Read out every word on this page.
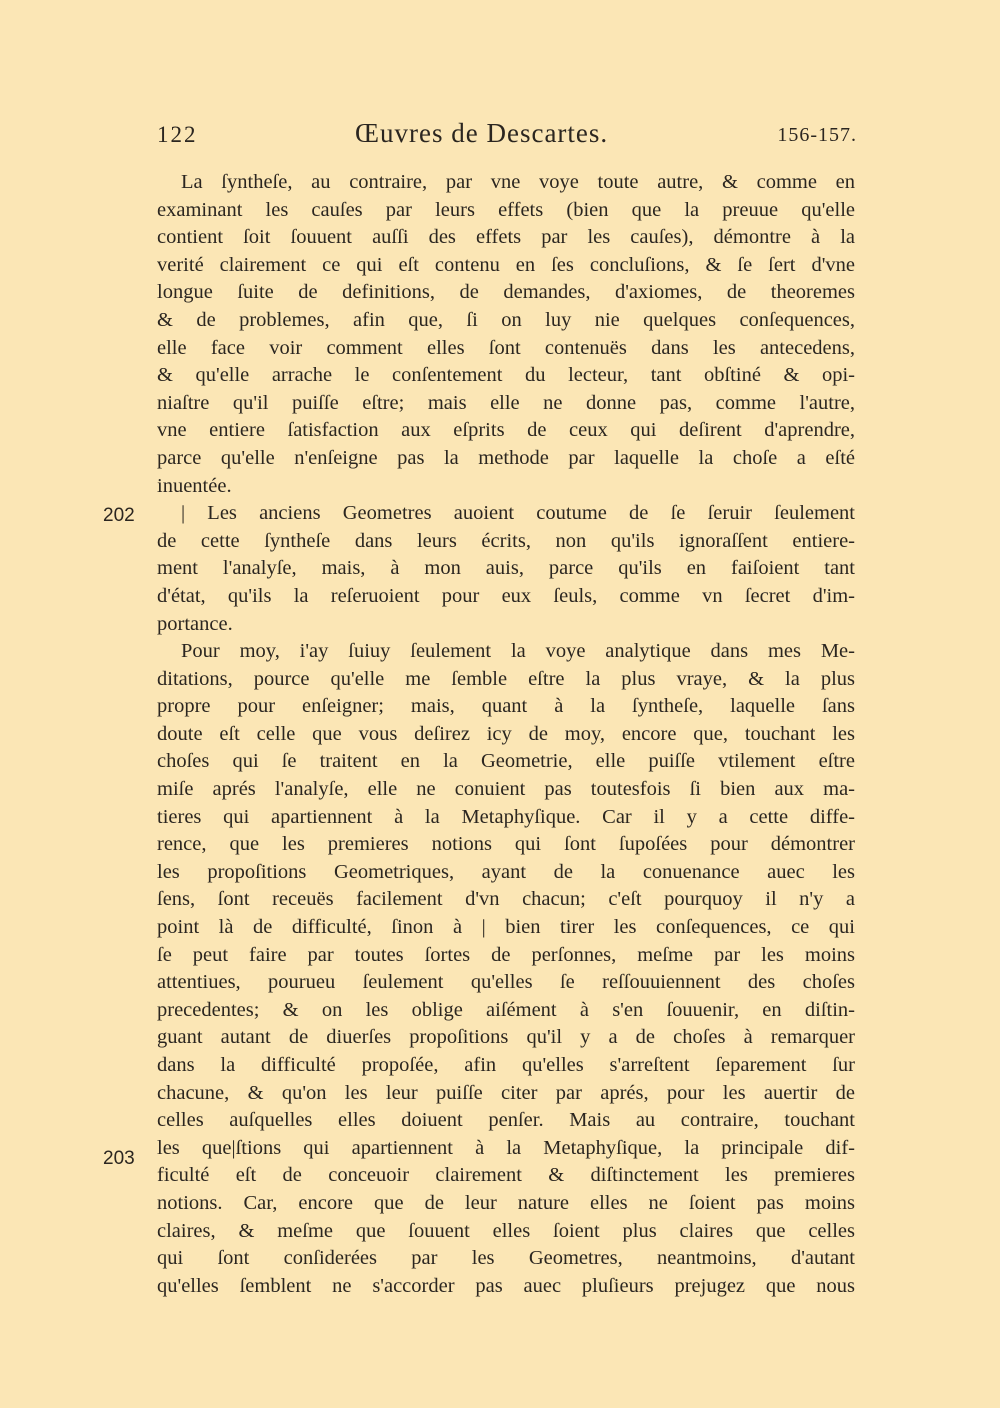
122	Œuvres de Descartes.	156-157.
202
203
La ſyntheſe, au contraire, par vne voye toute autre, & comme en
examinant les cauſes par leurs effets (bien que la preuue qu'elle
contient ſoit ſouuent auſſi des effets par les cauſes), démontre à la
verité clairement ce qui eſt contenu en ſes concluſions, & ſe ſert d'vne
longue ſuite de definitions, de demandes, d'axiomes, de theoremes
& de problemes, afin que, ſi on luy nie quelques conſequences,
elle face voir comment elles ſont contenuës dans les antecedens,
& qu'elle arrache le conſentement du lecteur, tant obſtiné & opi-
niaſtre qu'il puiſſe eſtre; mais elle ne donne pas, comme l'autre,
vne entiere ſatisfaction aux eſprits de ceux qui deſirent d'aprendre,
parce qu'elle n'enſeigne pas la methode par laquelle la choſe a eſté
inuentée.
| Les anciens Geometres auoient coutume de ſe ſeruir ſeulement
de cette ſyntheſe dans leurs écrits, non qu'ils ignoraſſent entiere-
ment l'analyſe, mais, à mon auis, parce qu'ils en faiſoient tant
d'état, qu'ils la reſeruoient pour eux ſeuls, comme vn ſecret d'im-
portance.
Pour moy, i'ay ſuiuy ſeulement la voye analytique dans mes Me-
ditations, pource qu'elle me ſemble eſtre la plus vraye, & la plus
propre pour enſeigner; mais, quant à la ſyntheſe, laquelle ſans
doute eſt celle que vous deſirez icy de moy, encore que, touchant les
choſes qui ſe traitent en la Geometrie, elle puiſſe vtilement eſtre
miſe aprés l'analyſe, elle ne conuient pas toutesfois ſi bien aux ma-
tieres qui apartiennent à la Metaphyſique. Car il y a cette diffe-
rence, que les premieres notions qui ſont ſupoſées pour démontrer
les propoſitions Geometriques, ayant de la conuenance auec les
ſens, ſont receuës facilement d'vn chacun; c'eſt pourquoy il n'y a
point là de difficulté, ſinon à | bien tirer les conſequences, ce qui
ſe peut faire par toutes ſortes de perſonnes, meſme par les moins
attentiues, pourueu ſeulement qu'elles ſe reſſouuiennent des choſes
precedentes; & on les oblige aiſément à s'en ſouuenir, en diſtin-
guant autant de diuerſes propoſitions qu'il y a de choſes à remarquer
dans la difficulté propoſée, afin qu'elles s'arreſtent ſeparement ſur
chacune, & qu'on les leur puiſſe citer par aprés, pour les auertir de
celles auſquelles elles doiuent penſer. Mais au contraire, touchant
les que|ſtions qui apartiennent à la Metaphyſique, la principale dif-
ficulté eſt de conceuoir clairement & diſtinctement les premieres
notions. Car, encore que de leur nature elles ne ſoient pas moins
claires, & meſme que ſouuent elles ſoient plus claires que celles
qui ſont conſiderées par les Geometres, neantmoins, d'autant
qu'elles ſemblent ne s'accorder pas auec pluſieurs prejugez que nous
